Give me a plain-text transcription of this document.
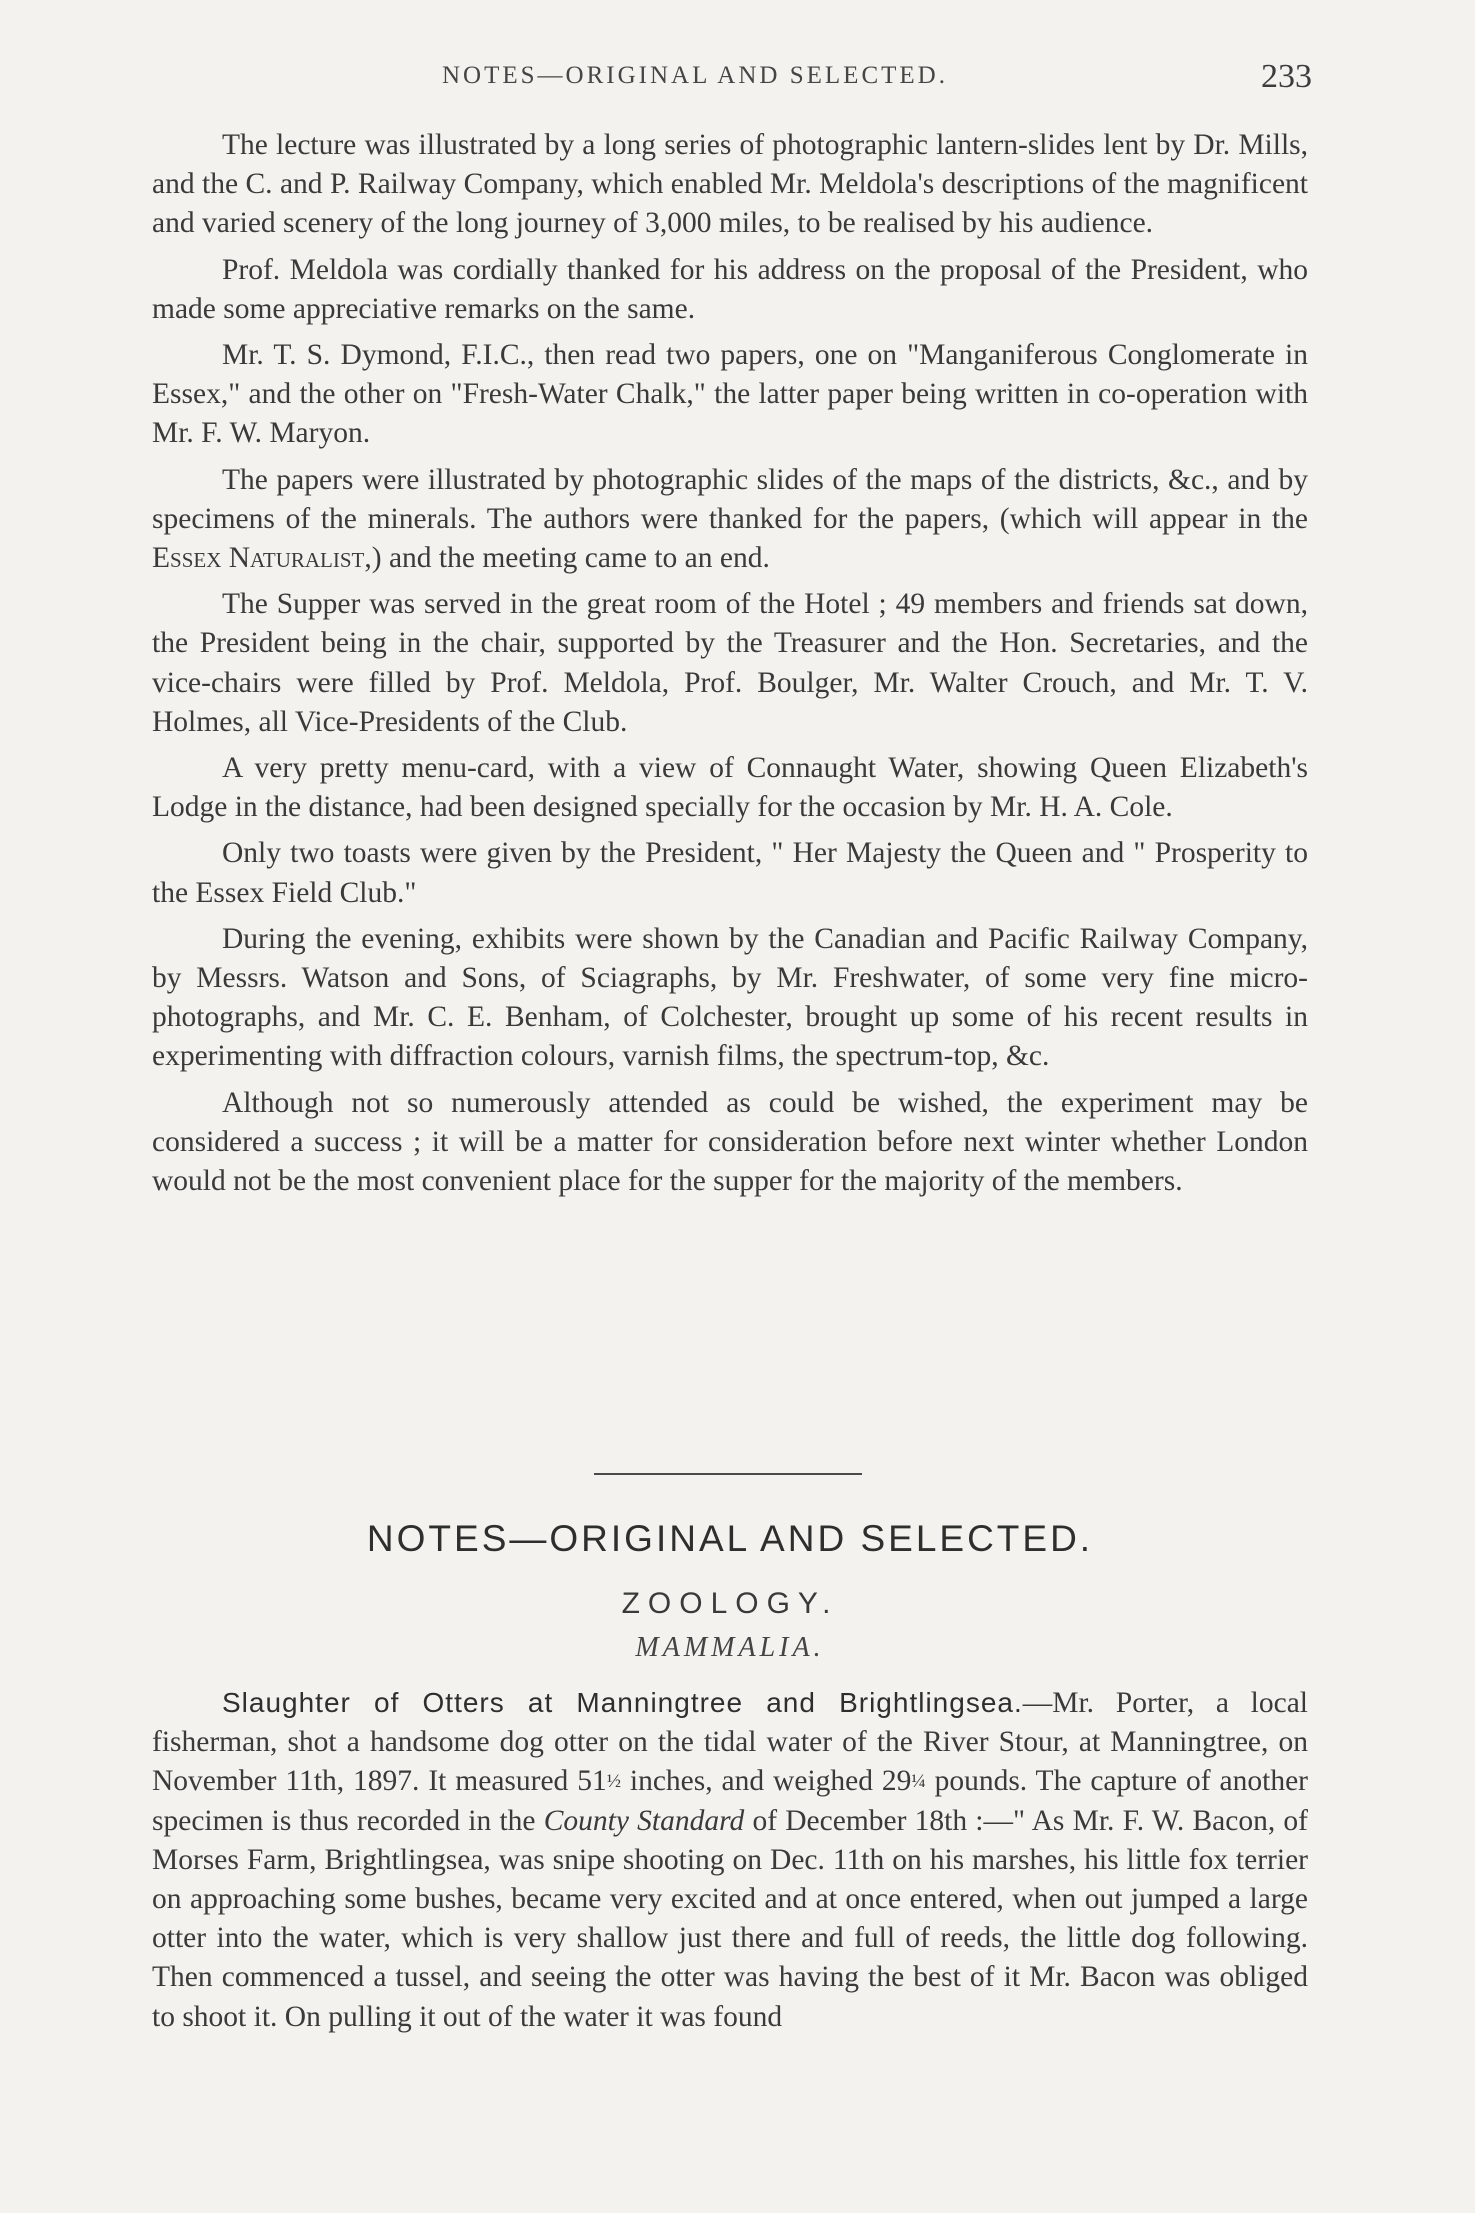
NOTES—ORIGINAL AND SELECTED.	233

The lecture was illustrated by a long series of photographic lantern-slides lent by Dr. Mills, and the C. and P. Railway Company, which enabled Mr. Meldola's descriptions of the magnificent and varied scenery of the long journey of 3,000 miles, to be realised by his audience.

Prof. Meldola was cordially thanked for his address on the proposal of the President, who made some appreciative remarks on the same.

Mr. T. S. Dymond, F.I.C., then read two papers, one on "Manganiferous Conglomerate in Essex," and the other on "Fresh-Water Chalk," the latter paper being written in co-operation with Mr. F. W. Maryon.

The papers were illustrated by photographic slides of the maps of the districts, &c., and by specimens of the minerals. The authors were thanked for the papers, (which will appear in the Essex Naturalist,) and the meeting came to an end.

The Supper was served in the great room of the Hotel ; 49 members and friends sat down, the President being in the chair, supported by the Treasurer and the Hon. Secretaries, and the vice-chairs were filled by Prof. Meldola, Prof. Boulger, Mr. Walter Crouch, and Mr. T. V. Holmes, all Vice-Presidents of the Club.

A very pretty menu-card, with a view of Connaught Water, showing Queen Elizabeth's Lodge in the distance, had been designed specially for the occasion by Mr. H. A. Cole.

Only two toasts were given by the President, " Her Majesty the Queen and " Prosperity to the Essex Field Club."

During the evening, exhibits were shown by the Canadian and Pacific Railway Company, by Messrs. Watson and Sons, of Sciagraphs, by Mr. Freshwater, of some very fine micro-photographs, and Mr. C. E. Benham, of Colchester, brought up some of his recent results in experimenting with diffraction colours, varnish films, the spectrum-top, &c.

Although not so numerously attended as could be wished, the experiment may be considered a success ; it will be a matter for consideration before next winter whether London would not be the most convenient place for the supper for the majority of the members.

NOTES—ORIGINAL AND SELECTED.
ZOOLOGY.
MAMMALIA.

Slaughter of Otters at Manningtree and Brightlingsea.—Mr. Porter, a local fisherman, shot a handsome dog otter on the tidal water of the River Stour, at Manningtree, on November 11th, 1897. It measured 51½ inches, and weighed 29¼ pounds. The capture of another specimen is thus recorded in the County Standard of December 18th :—" As Mr. F. W. Bacon, of Morses Farm, Brightlingsea, was snipe shooting on Dec. 11th on his marshes, his little fox terrier on approaching some bushes, became very excited and at once entered, when out jumped a large otter into the water, which is very shallow just there and full of reeds, the little dog following. Then commenced a tussel, and seeing the otter was having the best of it Mr. Bacon was obliged to shoot it. On pulling it out of the water it was found
